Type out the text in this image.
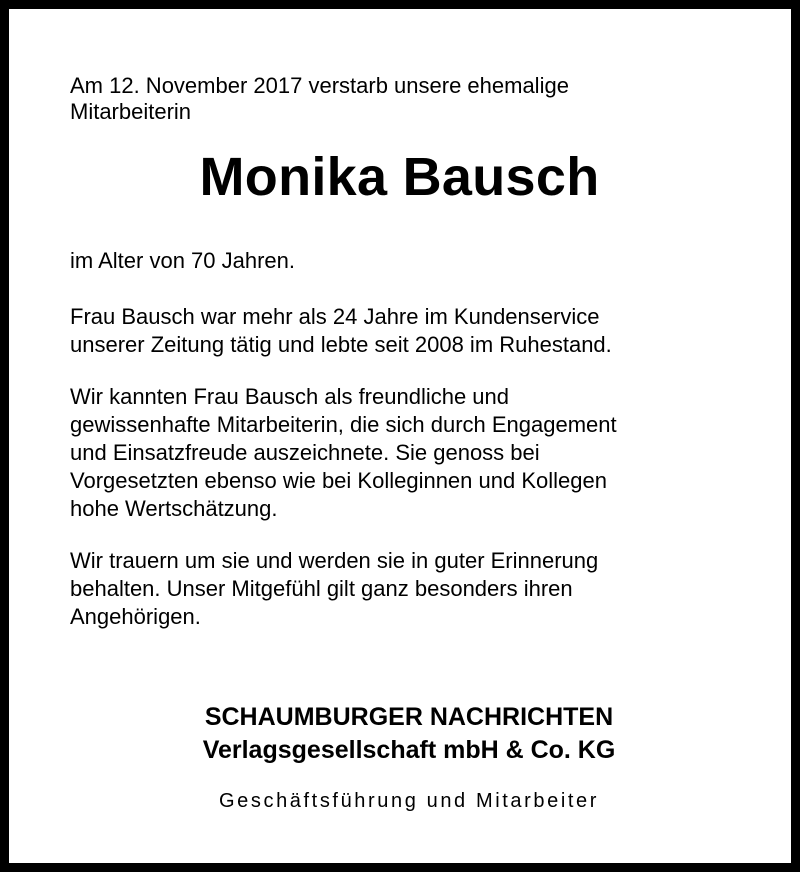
Am 12. November 2017 verstarb unsere ehemalige
Mitarbeiterin

Monika Bausch

im Alter von 70 Jahren.

Frau Bausch war mehr als 24 Jahre im Kundenservice
unserer Zeitung tätig und lebte seit 2008 im Ruhestand.

Wir kannten Frau Bausch als freundliche und
gewissenhafte Mitarbeiterin, die sich durch Engagement
und Einsatzfreude auszeichnete. Sie genoss bei
Vorgesetzten ebenso wie bei Kolleginnen und Kollegen
hohe Wertschätzung.

Wir trauern um sie und werden sie in guter Erinnerung
behalten. Unser Mitgefühl gilt ganz besonders ihren
Angehörigen.

SCHAUMBURGER NACHRICHTEN
Verlagsgesellschaft mbH & Co. KG
Geschäftsführung und Mitarbeiter
